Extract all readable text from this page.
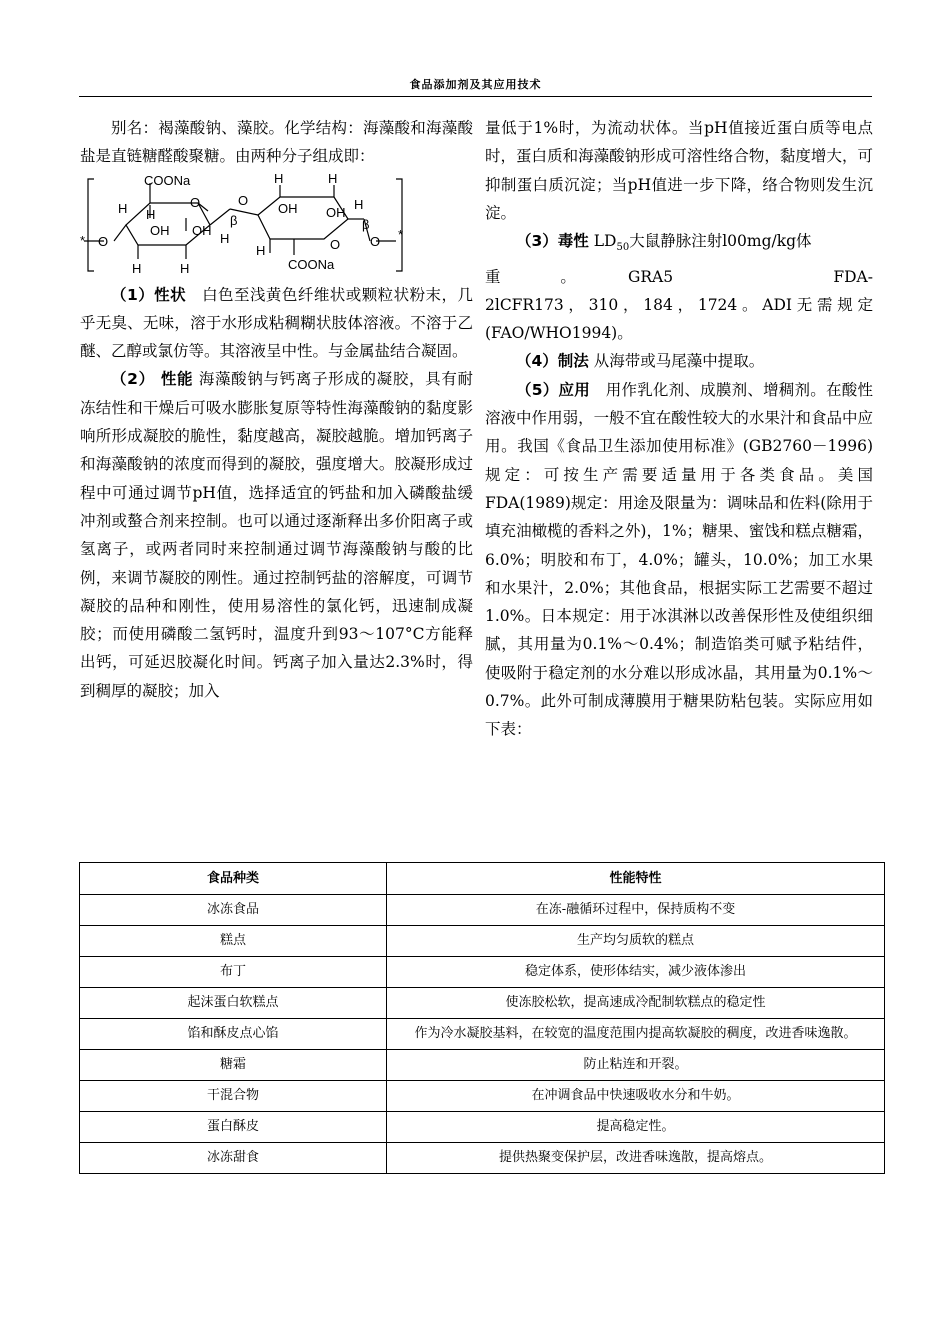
食品添加剂及其应用技术

别名：褐藻酸钠、藻胶。化学结构：海藻酸和海藻酸盐是直链糖醛酸聚糖。由两种分子组成即：

COONa
* O
H H
OH OH
O
H	H
H
β
O
H	H
OH OH
H
β
H	O O *
COONa

（1）性状　 白色至浅黄色纤维状或颗粒状粉末，几乎无臭、无味，溶于水形成粘稠糊状肢体溶液。不溶于乙醚、乙醇或氯仿等。其溶液呈中性。与金属盐结合凝固。

（2） 性能 海藻酸钠与钙离子形成的凝胶，具有耐冻结性和干燥后可吸水膨胀复原等特性海藻酸钠的黏度影响所形成凝胶的脆性，黏度越高，凝胶越脆。增加钙离子和海藻酸钠的浓度而得到的凝胶，强度增大。胶凝形成过程中可通过调节pH值，选择适宜的钙盐和加入磷酸盐缓冲剂或螯合剂来控制。也可以通过逐渐释出多价阳离子或氢离子，或两者同时来控制通过调节海藻酸钠与酸的比例，来调节凝胶的刚性。通过控制钙盐的溶解度，可调节凝胶的品种和刚性，使用易溶性的氯化钙，迅速制成凝胶；而使用磷酸二氢钙时，温度升到93～107°C方能释出钙，可延迟胶凝化时间。钙离子加入量达2.3%时，得到稠厚的凝胶；加入

量低于1%时，为流动状体。当pH值接近蛋白质等电点时，蛋白质和海藻酸钠形成可溶性络合物，黏度增大，可抑制蛋白质沉淀；当pH值进一步下降，络合物则发生沉淀。

（3）毒性 $LD_{50}$大鼠静脉注射l00mg/kg体

重　　。　　GRA5　　　　　　FDA-

2lCFR173，310，184，1724。ADI无需规定(FAO/WHO1994)。

（4）制法 从海带或马尾藻中提取。

（5）应用　 用作乳化剂、成膜剂、增稠剂。在酸性溶液中作用弱，一般不宜在酸性较大的水果汁和食品中应用。我国《食品卫生添加使用标准》(GB2760－1996)规定：可按生产需要适量用于各类食品。美国FDA(1989)规定：用途及限量为：调味品和佐料(除用于填充油橄榄的香料之外)，1%；糖果、蜜饯和糕点糖霜，6.0%；明胶和布丁，4.0%；罐头，10.0%；加工水果和水果汁，2.0%；其他食品，根据实际工艺需要不超过1.0%。日本规定：用于冰淇淋以改善保形性及使组织细腻，其用量为0.1%～0.4%；制造馅类可赋予粘结件，使吸附于稳定剂的水分难以形成冰晶，其用量为0.1%～0.7%。此外可制成薄膜用于糖果防粘包装。实际应用如下表：

食品种类	性能特性
冰冻食品	在冻-融循环过程中，保持质构不变
糕点	生产均匀质软的糕点
布丁	稳定体系，使形体结实，减少液体渗出
起沫蛋白软糕点	使冻胶松软，提高速成冷配制软糕点的稳定性
馅和酥皮点心馅	作为冷水凝胶基料，在较宽的温度范围内提高软凝胶的稠度，改进香味逸散。
糖霜	防止粘连和开裂。
干混合物	在冲调食品中快速吸收水分和牛奶。
蛋白酥皮	提高稳定性。
冰冻甜食	提供热聚变保护层，改进香味逸散，提高熔点。
